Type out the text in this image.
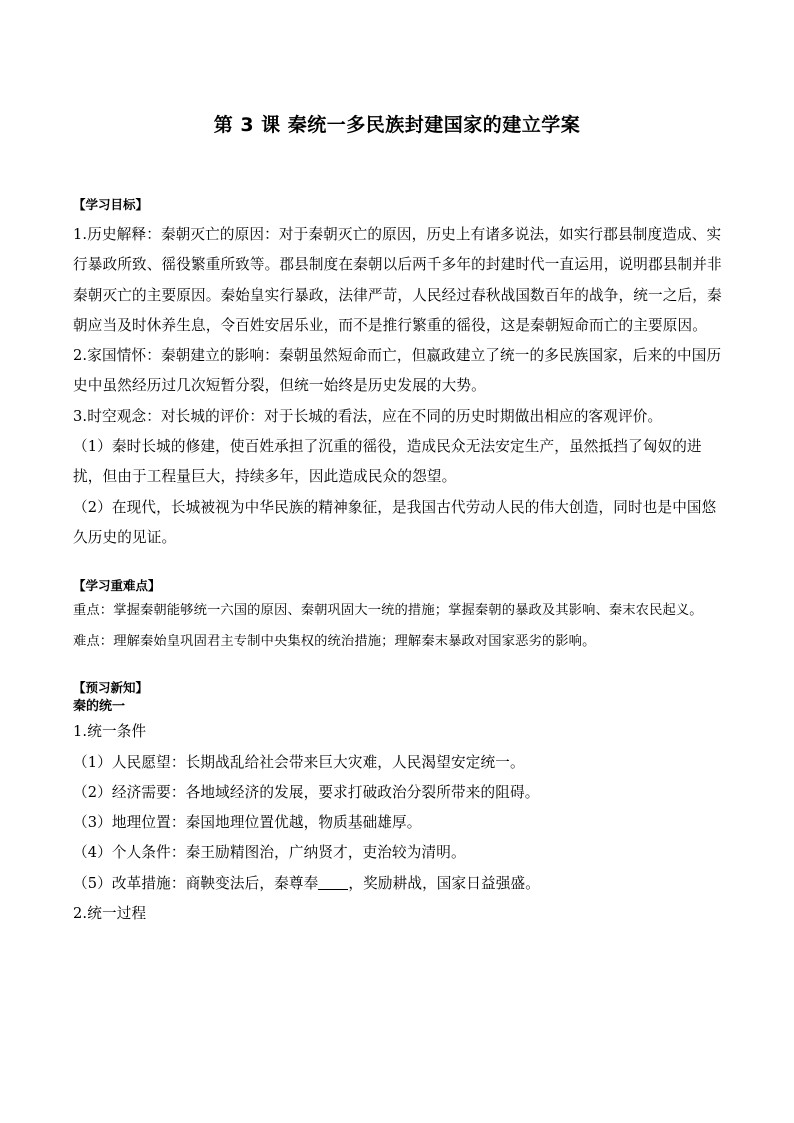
第 3 课 秦统一多民族封建国家的建立学案

【学习目标】

1.历史解释：秦朝灭亡的原因：对于秦朝灭亡的原因，历史上有诸多说法，如实行郡县制度造成、实行暴政所致、徭役繁重所致等。郡县制度在秦朝以后两千多年的封建时代一直运用，说明郡县制并非秦朝灭亡的主要原因。秦始皇实行暴政，法律严苛，人民经过春秋战国数百年的战争，统一之后，秦朝应当及时休养生息，令百姓安居乐业，而不是推行繁重的徭役，这是秦朝短命而亡的主要原因。

2.家国情怀：秦朝建立的影响：秦朝虽然短命而亡，但嬴政建立了统一的多民族国家，后来的中国历史中虽然经历过几次短暂分裂，但统一始终是历史发展的大势。

3.时空观念：对长城的评价：对于长城的看法，应在不同的历史时期做出相应的客观评价。

（1）秦时长城的修建，使百姓承担了沉重的徭役，造成民众无法安定生产，虽然抵挡了匈奴的进扰，但由于工程量巨大，持续多年，因此造成民众的怨望。

（2）在现代，长城被视为中华民族的精神象征，是我国古代劳动人民的伟大创造，同时也是中国悠久历史的见证。

【学习重难点】

重点：掌握秦朝能够统一六国的原因、秦朝巩固大一统的措施；掌握秦朝的暴政及其影响、秦末农民起义。

难点：理解秦始皇巩固君主专制中央集权的统治措施；理解秦末暴政对国家恶劣的影响。

【预习新知】

秦的统一

1.统一条件

（1）人民愿望：长期战乱给社会带来巨大灾难，人民渴望安定统一。

（2）经济需要：各地域经济的发展，要求打破政治分裂所带来的阻碍。

（3）地理位置：秦国地理位置优越，物质基础雄厚。

（4）个人条件：秦王励精图治，广纳贤才，吏治较为清明。

（5）改革措施：商鞅变法后，秦尊奉 ，奖励耕战，国家日益强盛。

2.统一过程
